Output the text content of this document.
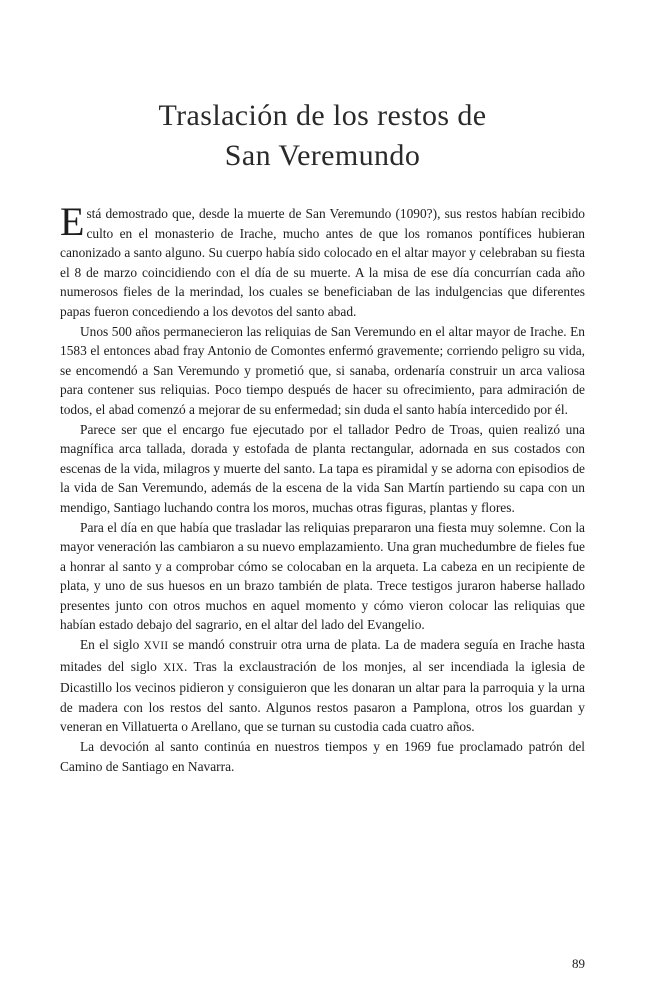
Traslación de los restos de
San Veremundo

Está demostrado que, desde la muerte de San Veremundo (1090?), sus restos habían recibido culto en el monasterio de Irache, mucho antes de que los romanos pontífices hubieran canonizado a santo alguno. Su cuerpo había sido colocado en el altar mayor y celebraban su fiesta el 8 de marzo coincidiendo con el día de su muerte. A la misa de ese día concurrían cada año numerosos fieles de la merindad, los cuales se beneficiaban de las indulgencias que diferentes papas fueron concediendo a los devotos del santo abad.

Unos 500 años permanecieron las reliquias de San Veremundo en el altar mayor de Irache. En 1583 el entonces abad fray Antonio de Comontes enfermó gravemente; corriendo peligro su vida, se encomendó a San Veremundo y prometió que, si sanaba, ordenaría construir un arca valiosa para contener sus reliquias. Poco tiempo después de hacer su ofrecimiento, para admiración de todos, el abad comenzó a mejorar de su enfermedad; sin duda el santo había intercedido por él.

Parece ser que el encargo fue ejecutado por el tallador Pedro de Troas, quien realizó una magnífica arca tallada, dorada y estofada de planta rectangular, adornada en sus costados con escenas de la vida, milagros y muerte del santo. La tapa es piramidal y se adorna con episodios de la vida de San Veremundo, además de la escena de la vida San Martín partiendo su capa con un mendigo, Santiago luchando contra los moros, muchas otras figuras, plantas y flores.

Para el día en que había que trasladar las reliquias prepararon una fiesta muy solemne. Con la mayor veneración las cambiaron a su nuevo emplazamiento. Una gran muchedumbre de fieles fue a honrar al santo y a comprobar cómo se colocaban en la arqueta. La cabeza en un recipiente de plata, y uno de sus huesos en un brazo también de plata. Trece testigos juraron haberse hallado presentes junto con otros muchos en aquel momento y cómo vieron colocar las reliquias que habían estado debajo del sagrario, en el altar del lado del Evangelio.

En el siglo XVII se mandó construir otra urna de plata. La de madera seguía en Irache hasta mitades del siglo XIX. Tras la exclaustración de los monjes, al ser incendiada la iglesia de Dicastillo los vecinos pidieron y consiguieron que les donaran un altar para la parroquia y la urna de madera con los restos del santo. Algunos restos pasaron a Pamplona, otros los guardan y veneran en Villatuerta o Arellano, que se turnan su custodia cada cuatro años.

La devoción al santo continúa en nuestros tiempos y en 1969 fue proclamado patrón del Camino de Santiago en Navarra.

89
